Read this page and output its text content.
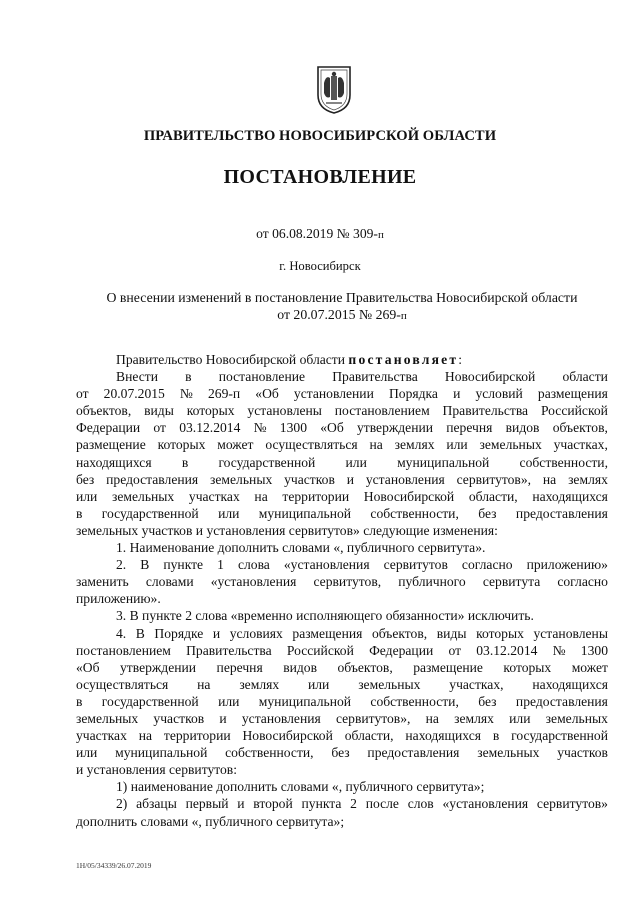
ПРАВИТЕЛЬСТВО НОВОСИБИРСКОЙ ОБЛАСТИ
ПОСТАНОВЛЕНИЕ
от 06.08.2019 № 309-п
г. Новосибирск
О внесении изменений в постановление Правительства Новосибирской области
от 20.07.2015 № 269-п
Правительство Новосибирской области постановляет :
Внести в постановление Правительства Новосибирской области
от 20.07.2015 № 269-п «Об установлении Порядка и условий размещения
объектов, виды которых установлены постановлением Правительства Российской
Федерации от 03.12.2014 № 1300 «Об утверждении перечня видов объектов,
размещение которых может осуществляться на землях или земельных участках,
находящихся в государственной или муниципальной собственности,
без предоставления земельных участков и установления сервитутов», на землях
или земельных участках на территории Новосибирской области, находящихся
в государственной или муниципальной собственности, без предоставления
земельных участков и установления сервитутов» следующие изменения:
1. Наименование дополнить словами «, публичного сервитута».
2. В пункте 1 слова «установления сервитутов согласно приложению»
заменить словами «установления сервитутов, публичного сервитута согласно
приложению».
3. В пункте 2 слова «временно исполняющего обязанности» исключить.
4. В Порядке и условиях размещения объектов, виды которых установлены
постановлением Правительства Российской Федерации от 03.12.2014 № 1300
«Об утверждении перечня видов объектов, размещение которых может
осуществляться на землях или земельных участках, находящихся
в государственной или муниципальной собственности, без предоставления
земельных участков и установления сервитутов», на землях или земельных
участках на территории Новосибирской области, находящихся в государственной
или муниципальной собственности, без предоставления земельных участков
и установления сервитутов:
1) наименование дополнить словами «, публичного сервитута»;
2) абзацы первый и второй пункта 2 после слов «установления сервитутов»
дополнить словами «, публичного сервитута»;
1Н/05/34339/26.07.2019
